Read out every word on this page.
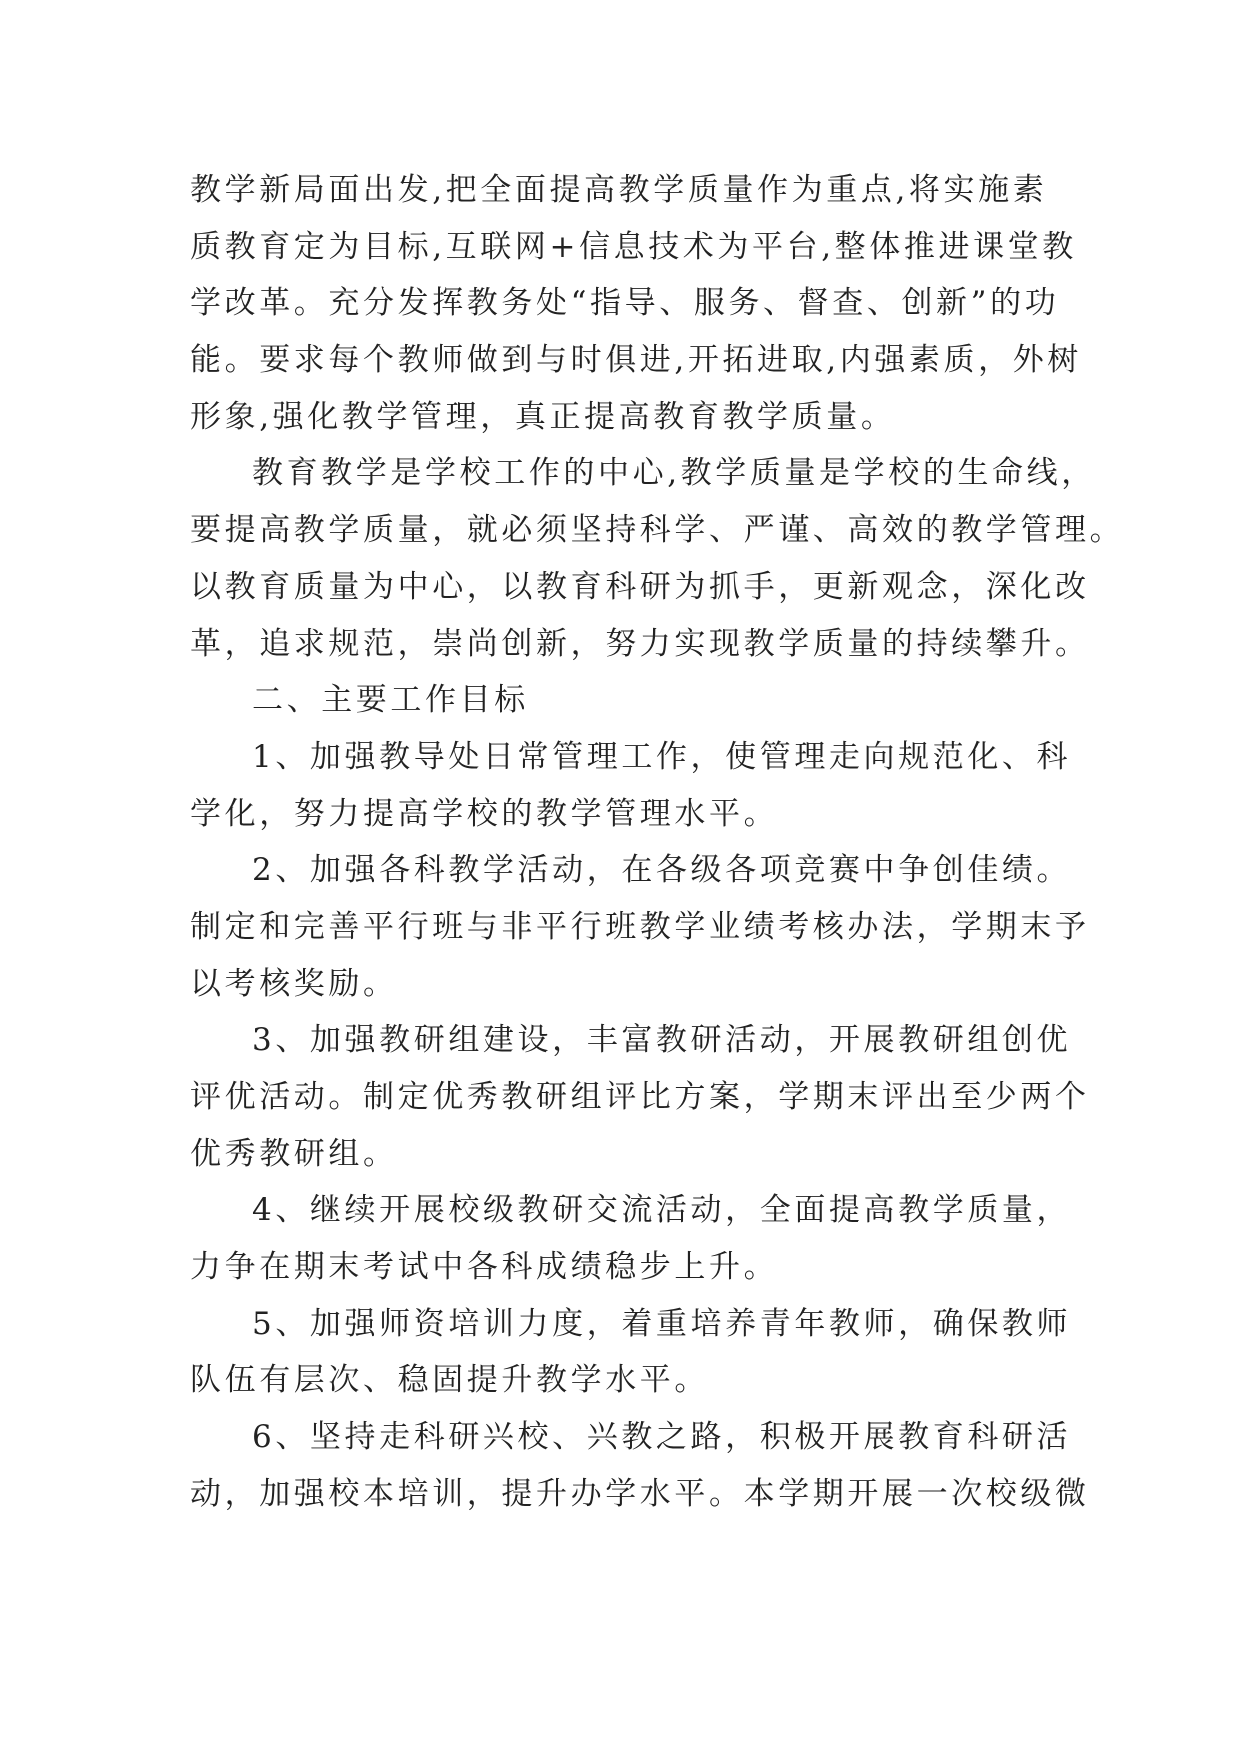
教学新局面出发,把全面提高教学质量作为重点,将实施素
质教育定为目标,互联网+信息技术为平台,整体推进课堂教
学改革。充分发挥教务处“指导、服务、督查、创新”的功
能。要求每个教师做到与时俱进,开拓进取,内强素质，外树
形象,强化教学管理，真正提高教育教学质量。

教育教学是学校工作的中心,教学质量是学校的生命线，
要提高教学质量，就必须坚持科学、严谨、高效的教学管理。
以教育质量为中心，以教育科研为抓手，更新观念，深化改
革，追求规范，崇尚创新，努力实现教学质量的持续攀升。

二、主要工作目标

1、加强教导处日常管理工作，使管理走向规范化、科
学化，努力提高学校的教学管理水平。

2、加强各科教学活动，在各级各项竞赛中争创佳绩。
制定和完善平行班与非平行班教学业绩考核办法，学期末予
以考核奖励。

3、加强教研组建设，丰富教研活动，开展教研组创优
评优活动。制定优秀教研组评比方案，学期末评出至少两个
优秀教研组。

4、继续开展校级教研交流活动，全面提高教学质量，
力争在期末考试中各科成绩稳步上升。

5、加强师资培训力度，着重培养青年教师，确保教师
队伍有层次、稳固提升教学水平。

6、坚持走科研兴校、兴教之路，积极开展教育科研活
动，加强校本培训，提升办学水平。本学期开展一次校级微
